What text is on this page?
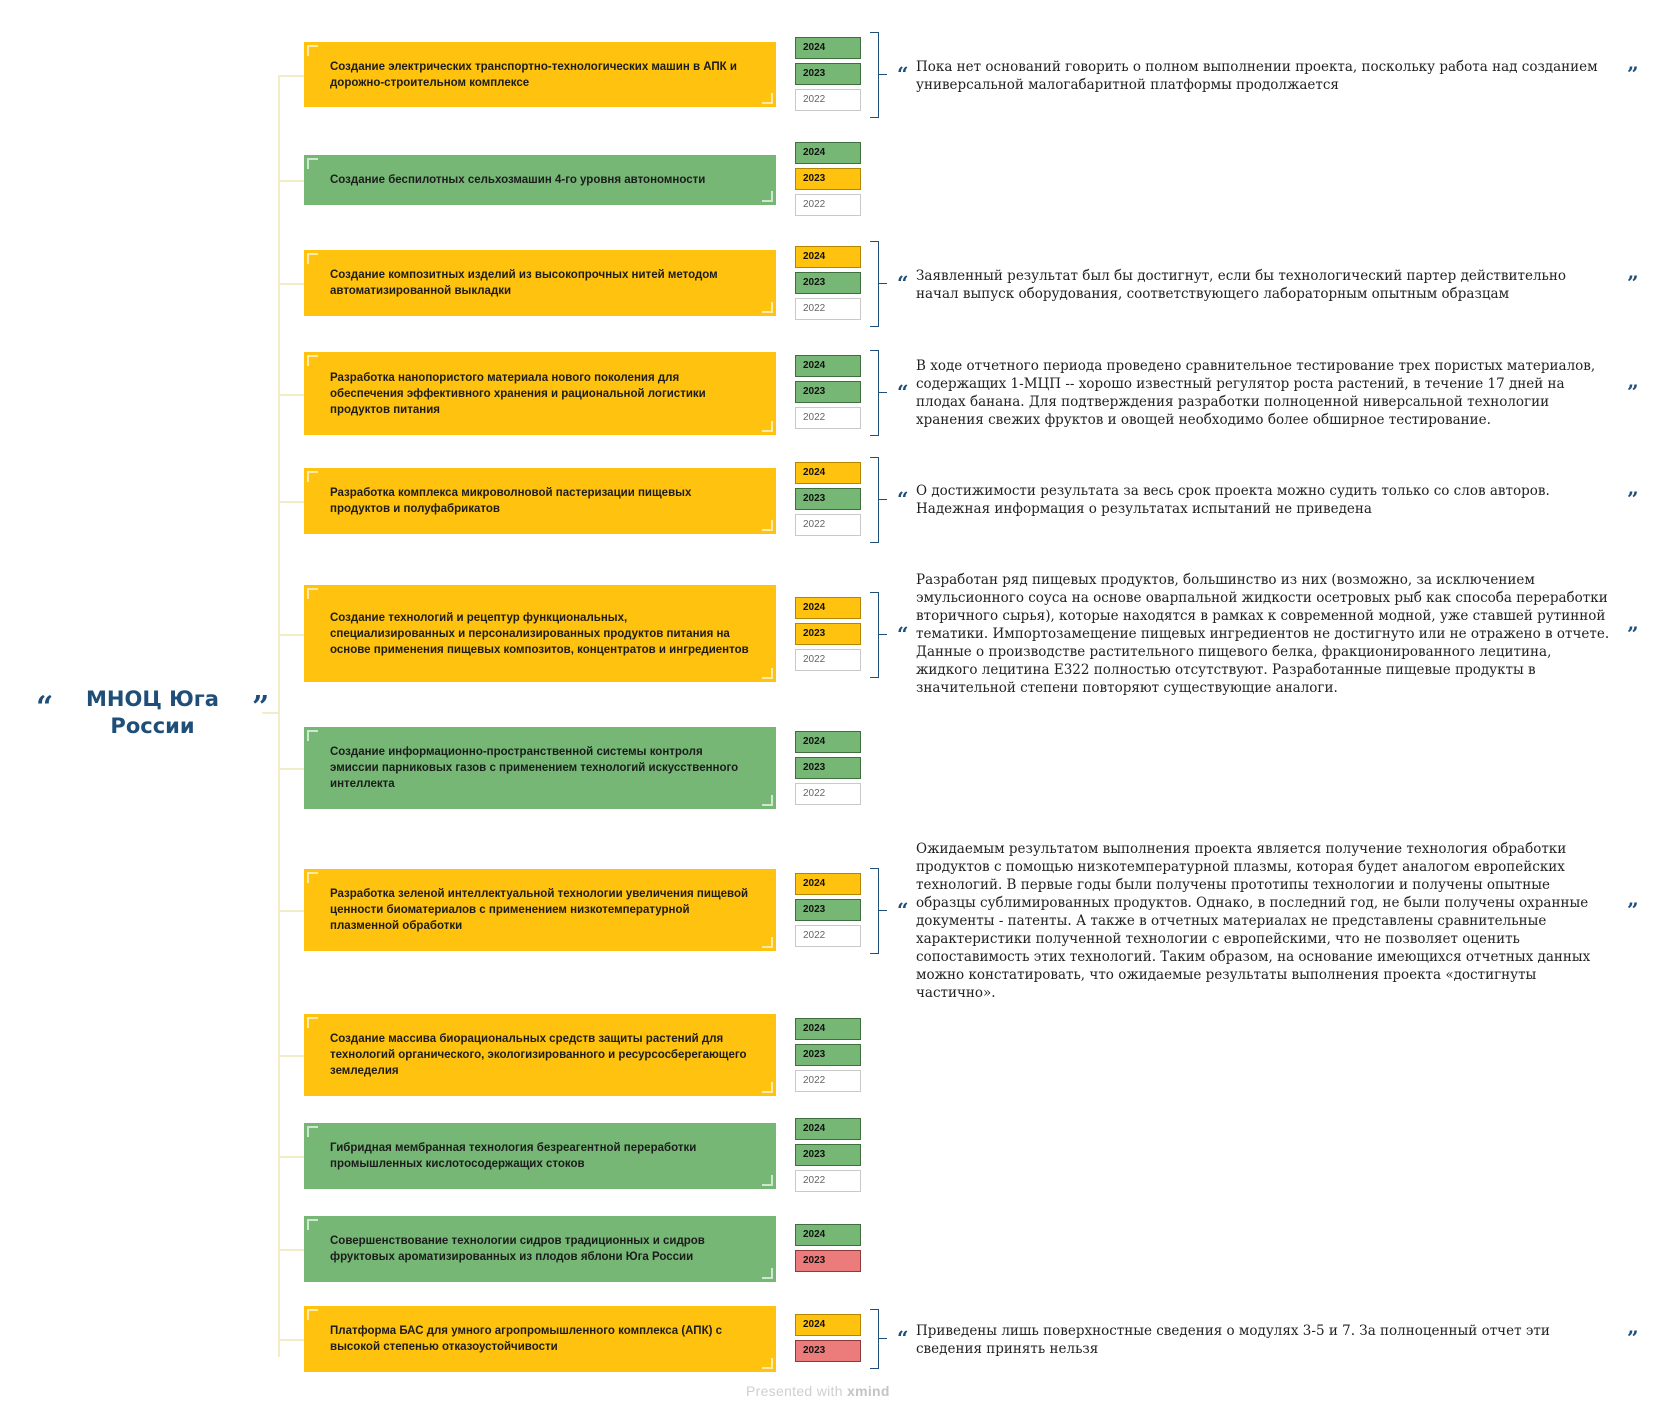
“	МНОЦ Юга России
”
Создание электрических транспортно-технологических машин в АПК и дорожно-строительном комплексе
2024
2023
2022
“ Пока нет оснований говорить о полном выполнении проекта, поскольку работа над созданием универсальной малогабаритной платформы продолжается	”
Создание беспилотных сельхозмашин 4-го уровня автономности
2024
2023
2022
Создание композитных изделий из высокопрочных нитей методом автоматизированной выкладки
2024
2023
2022
“ Заявленный результат был бы достигнут, если бы технологический партер действительно начал выпуск оборудования, соответствующего лабораторным опытным образцам	”
Разработка нанопористого материала нового поколения для обеспечения эффективного хранения и рациональной логистики продуктов питания
2024
2023
2022
“
В ходе отчетного периода проведено сравнительное тестирование трех пористых материалов, содержащих 1-МЦП -- хорошо известный регулятор роста растений, в течение 17 дней на плодах банана. Для подтверждения разработки полноценной ниверсальной технологии хранения свежих фруктов и овощей необходимо более обширное тестирование.
”
Разработка комплекса микроволновой пастеризации пищевых продуктов и полуфабрикатов
2024
2023
2022
“ О достижимости результата за весь срок проекта можно судить только со слов авторов. Надежная информация о результатах испытаний не приведена	”
Создание технологий и рецептур функциональных, специализированных и персонализированных продуктов питания на основе применения пищевых композитов, концентратов и ингредиентов
2024
2023
2022
“
Разработан ряд пищевых продуктов, большинство из них (возможно, за исключением эмульсионного соуса на основе оварпальной жидкости осетровых рыб как способа переработки вторичного сырья), которые находятся в рамках к современной модной, уже ставшей рутинной тематики. Импортозамещение пищевых ингредиентов не достигнуто или не отражено в отчете. Данные о производстве растительного пищевого белка, фракционированного лецитина, жидкого лецитина Е322 полностью отсутствуют. Разработанные пищевые продукты в значительной степени повторяют существующие аналоги.
”
Создание информационно-пространственной системы контроля эмиссии парниковых газов с применением технологий искусственного интеллекта
2024
2023
2022
Разработка зеленой интеллектуальной технологии увеличения пищевой ценности биоматериалов с применением низкотемпературной плазменной обработки
2024
2023
2022
“
Ожидаемым результатом выполнения проекта является получение технология обработки продуктов с помощью низкотемпературной плазмы, которая будет аналогом европейских технологий. В первые годы были получены прототипы технологии и получены опытные образцы сублимированных продуктов. Однако, в последний год, не были получены охранные документы - патенты. А также в отчетных материалах не представлены сравнительные характеристики полученной технологии с европейскими, что не позволяет оценить сопоставимость этих технологий. Таким образом, на основание имеющихся отчетных данных можно констатировать, что ожидаемые результаты выполнения проекта «достигнуты частично».
”
Создание массива биорациональных средств защиты растений для технологий органического, экологизированного и ресурсосберегающего земледелия
2024
2023
2022
Гибридная мембранная технология безреагентной переработки промышленных кислотосодержащих стоков
2024
2023
2022
Совершенствование технологии сидров традиционных и сидров фруктовых ароматизированных из плодов яблони Юга России
2024
2023
Платформа БАС для умного агропромышленного комплекса (АПК) с высокой степенью отказоустойчивости
2024
2023
“ Приведены лишь поверхностные сведения о модулях 3-5 и 7. За полноценный отчет эти сведения принять нельзя	”
Presented with xmind
